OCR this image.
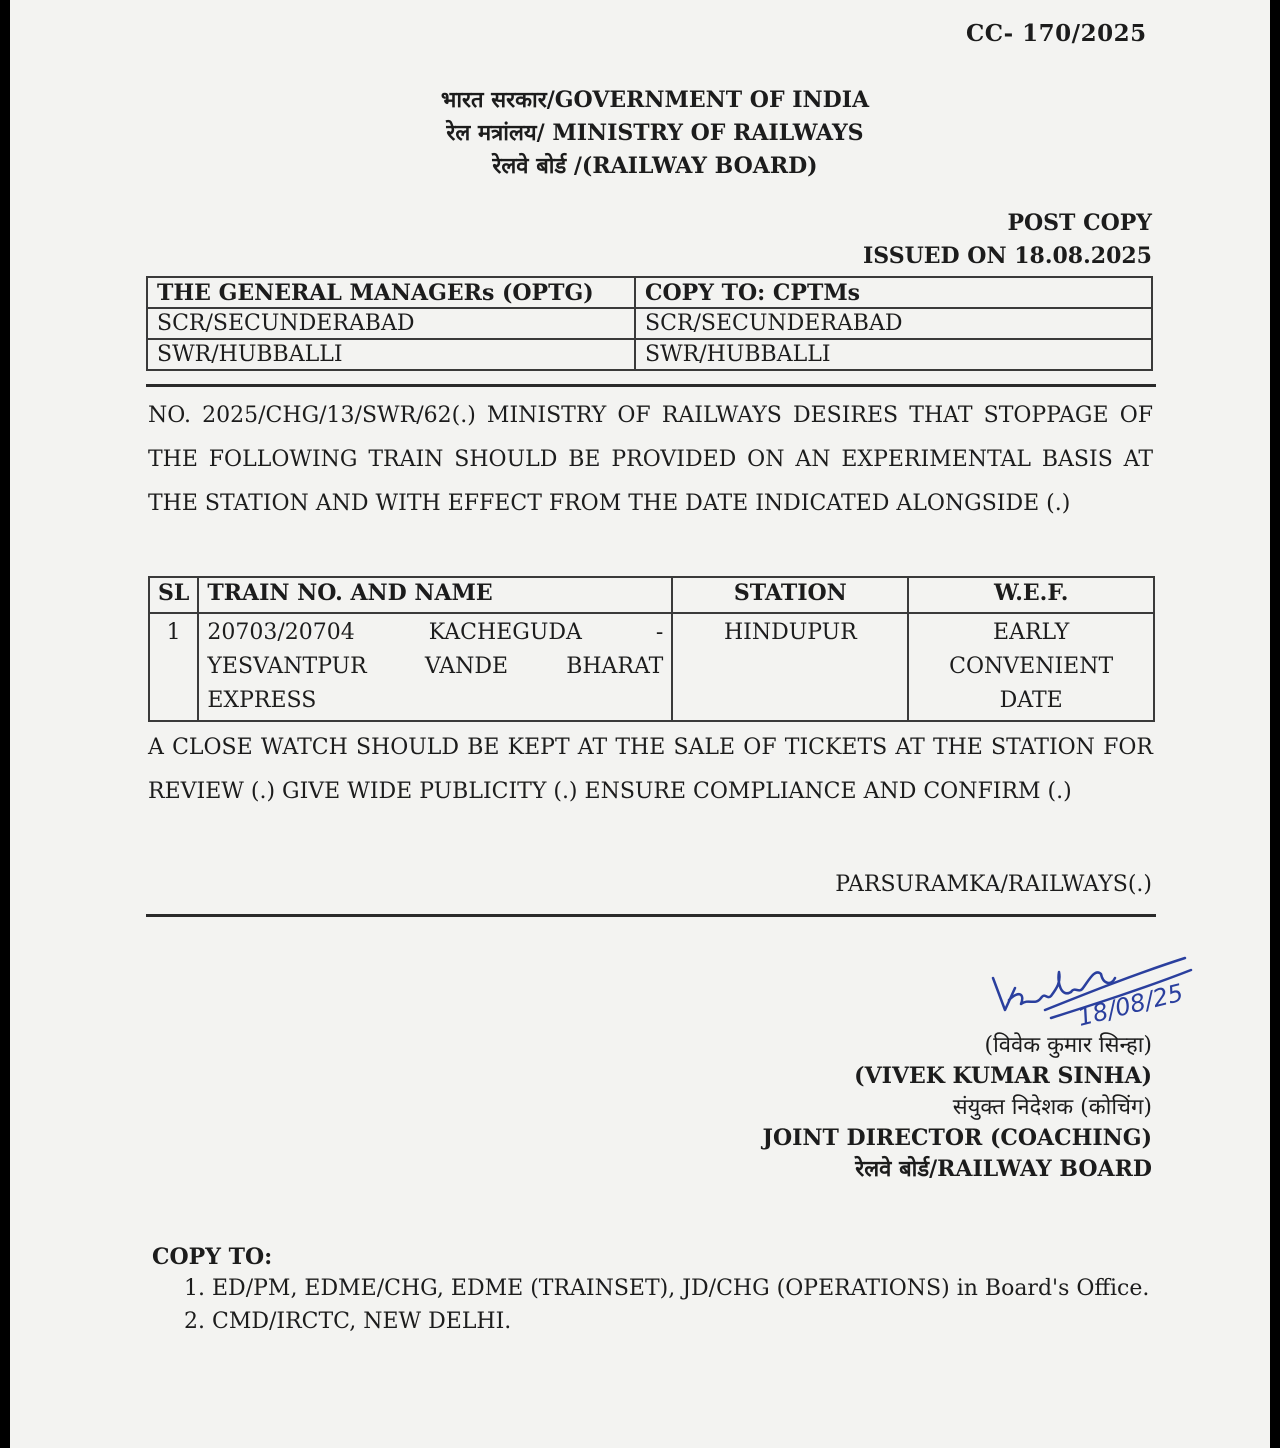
CC- 170/2025
भारत सरकार/GOVERNMENT OF INDIA
रेल मत्रांलय/ MINISTRY OF RAILWAYS
रेलवे बोर्ड /(RAILWAY BOARD)
POST COPY
ISSUED ON 18.08.2025
THE GENERAL MANAGERs (OPTG)	COPY TO: CPTMs
SCR/SECUNDERABAD	SCR/SECUNDERABAD
SWR/HUBBALLI	SWR/HUBBALLI
NO. 2025/CHG/13/SWR/62(.) MINISTRY OF RAILWAYS DESIRES THAT STOPPAGE OF THE FOLLOWING TRAIN SHOULD BE PROVIDED ON AN EXPERIMENTAL BASIS AT THE STATION AND WITH EFFECT FROM THE DATE INDICATED ALONGSIDE (.)
SL	TRAIN NO. AND NAME	STATION	W.E.F.
1	20703/20704 KACHEGUDA - YESVANTPUR VANDE BHARAT EXPRESS	HINDUPUR	EARLY CONVENIENT DATE
A CLOSE WATCH SHOULD BE KEPT AT THE SALE OF TICKETS AT THE STATION FOR REVIEW (.) GIVE WIDE PUBLICITY (.) ENSURE COMPLIANCE AND CONFIRM (.)
PARSURAMKA/RAILWAYS(.)
18/08/25
(विवेक कुमार सिन्हा)
(VIVEK KUMAR SINHA)
संयुक्त निदेशक (कोचिंग)
JOINT DIRECTOR (COACHING)
रेलवे बोर्ड/RAILWAY BOARD
COPY TO:
1. ED/PM, EDME/CHG, EDME (TRAINSET), JD/CHG (OPERATIONS) in Board's Office.
2. CMD/IRCTC, NEW DELHI.
